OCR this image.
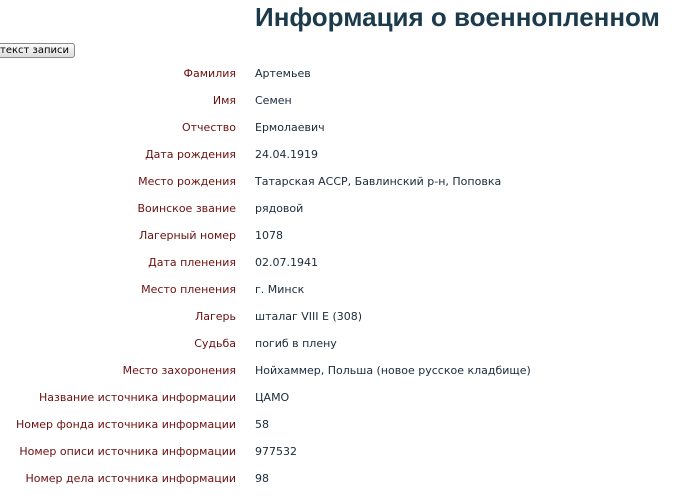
Информация о военнопленном
текст записи
Фамилия Артемьев
Имя Семен
Отчество Ермолаевич
Дата рождения 24.04.1919
Место рождения Татарская АССР, Бавлинский р-н, Поповка
Воинское звание рядовой
Лагерный номер 1078
Дата пленения 02.07.1941
Место пленения г. Минск
Лагерь шталаг VIII E (308)
Судьба погиб в плену
Место захоронения Нойхаммер, Польша (новое русское кладбище)
Название источника информации ЦАМО
Номер фонда источника информации 58
Номер описи источника информации 977532
Номер дела источника информации 98
